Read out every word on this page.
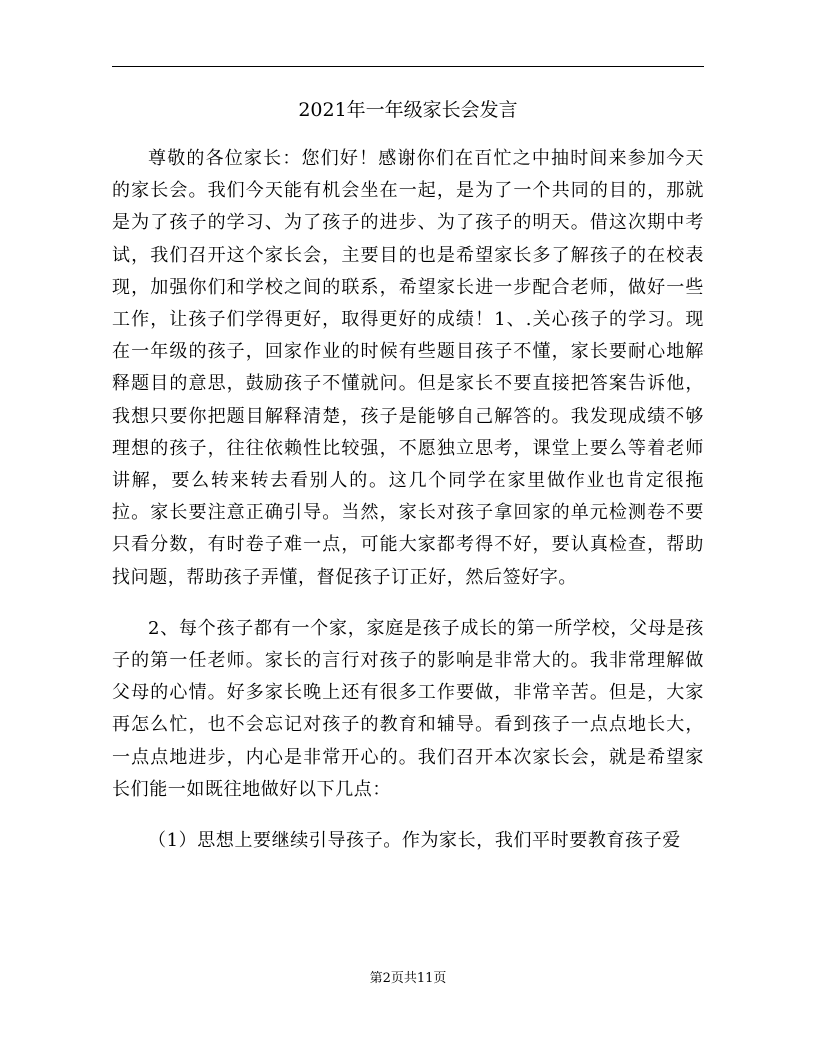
2021年一年级家长会发言

尊敬的各位家长：您们好！感谢你们在百忙之中抽时间来参加今天的家长会。我们今天能有机会坐在一起，是为了一个共同的目的，那就是为了孩子的学习、为了孩子的进步、为了孩子的明天。借这次期中考试，我们召开这个家长会，主要目的也是希望家长多了解孩子的在校表现，加强你们和学校之间的联系，希望家长进一步配合老师，做好一些工作，让孩子们学得更好，取得更好的成绩！1、.关心孩子的学习。现在一年级的孩子，回家作业的时候有些题目孩子不懂，家长要耐心地解释题目的意思，鼓励孩子不懂就问。但是家长不要直接把答案告诉他，我想只要你把题目解释清楚，孩子是能够自己解答的。我发现成绩不够理想的孩子，往往依赖性比较强，不愿独立思考，课堂上要么等着老师讲解，要么转来转去看别人的。这几个同学在家里做作业也肯定很拖拉。家长要注意正确引导。当然，家长对孩子拿回家的单元检测卷不要只看分数，有时卷子难一点，可能大家都考得不好，要认真检查，帮助找问题，帮助孩子弄懂，督促孩子订正好，然后签好字。

2、每个孩子都有一个家，家庭是孩子成长的第一所学校，父母是孩子的第一任老师。家长的言行对孩子的影响是非常大的。我非常理解做父母的心情。好多家长晚上还有很多工作要做，非常辛苦。但是，大家再怎么忙，也不会忘记对孩子的教育和辅导。看到孩子一点点地长大，一点点地进步，内心是非常开心的。我们召开本次家长会，就是希望家长们能一如既往地做好以下几点：

（1）思想上要继续引导孩子。作为家长，我们平时要教育孩子爱

第2页共11页
